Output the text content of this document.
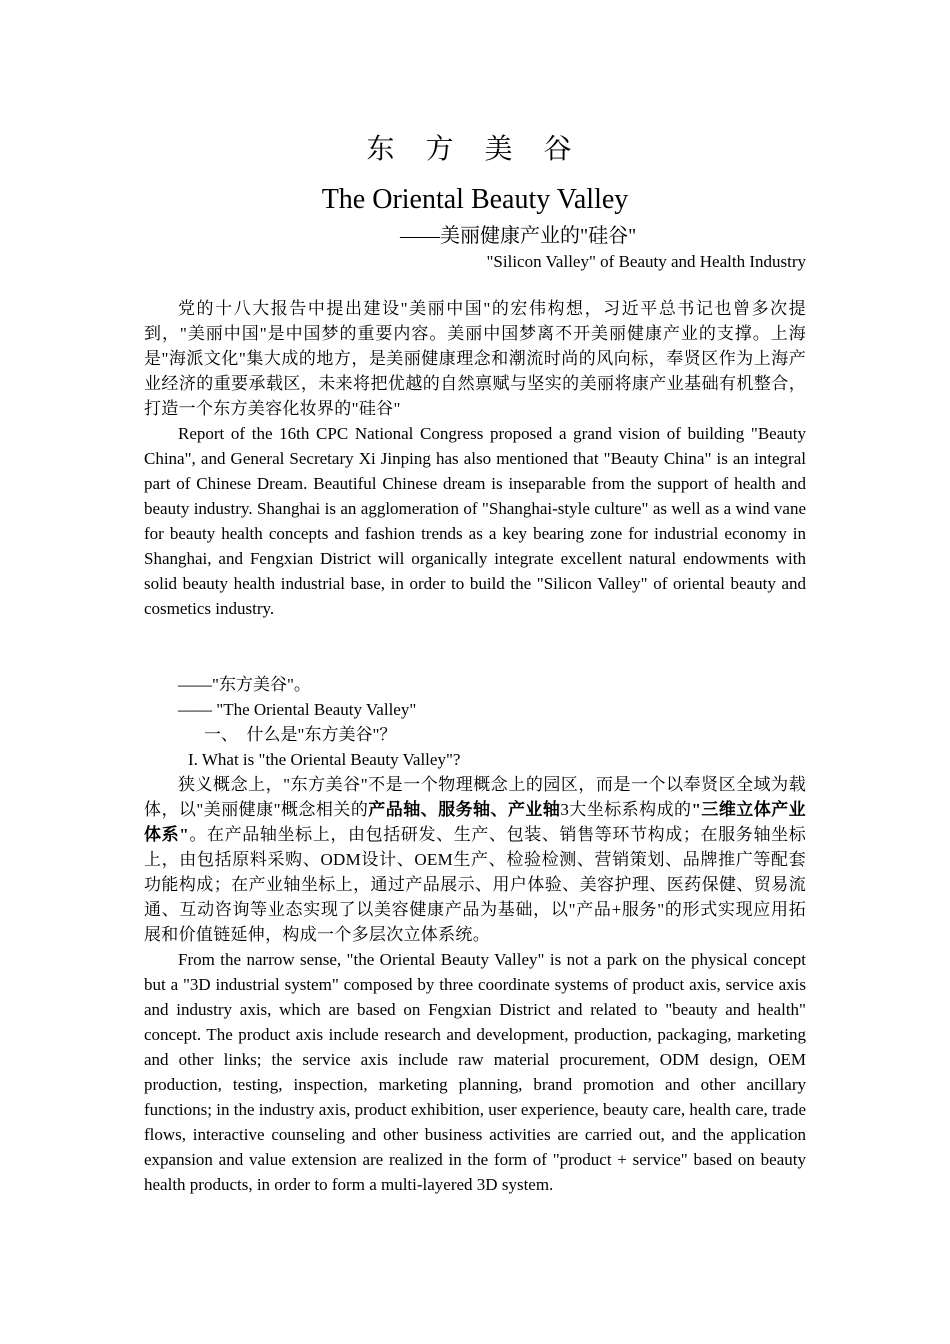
东 方 美 谷
The Oriental Beauty Valley
——美丽健康产业的"硅谷"
"Silicon Valley" of Beauty and Health Industry

党的十八大报告中提出建设"美丽中国"的宏伟构想，习近平总书记也曾多次提到，"美丽中国"是中国梦的重要内容。美丽中国梦离不开美丽健康产业的支撑。上海是"海派文化"集大成的地方，是美丽健康理念和潮流时尚的风向标，奉贤区作为上海产业经济的重要承载区，未来将把优越的自然禀赋与坚实的美丽将康产业基础有机整合，打造一个东方美容化妆界的"硅谷"

Report of the 16th CPC National Congress proposed a grand vision of building "Beauty China", and General Secretary Xi Jinping has also mentioned that "Beauty China" is an integral part of Chinese Dream. Beautiful Chinese dream is inseparable from the support of health and beauty industry. Shanghai is an agglomeration of "Shanghai-style culture" as well as a wind vane for beauty health concepts and fashion trends as a key bearing zone for industrial economy in Shanghai, and Fengxian District will organically integrate excellent natural endowments with solid beauty health industrial base, in order to build the "Silicon Valley" of oriental beauty and cosmetics industry.

——"东方美谷"。
—— "The Oriental Beauty Valley"
一、　什么是"东方美谷"？
I. What is "the Oriental Beauty Valley"?

狭义概念上，"东方美谷"不是一个物理概念上的园区，而是一个以奉贤区全域为载体，以"美丽健康"概念相关的产品轴、服务轴、产业轴3大坐标系构成的"三维立体产业体系"。在产品轴坐标上，由包括研发、生产、包装、销售等环节构成；在服务轴坐标上，由包括原料采购、ODM设计、OEM生产、检验检测、营销策划、品牌推广等配套功能构成；在产业轴坐标上，通过产品展示、用户体验、美容护理、医药保健、贸易流通、互动咨询等业态实现了以美容健康产品为基础，以"产品+服务"的形式实现应用拓展和价值链延伸，构成一个多层次立体系统。

From the narrow sense, "the Oriental Beauty Valley" is not a park on the physical concept but a "3D industrial system" composed by three coordinate systems of product axis, service axis and industry axis, which are based on Fengxian District and related to "beauty and health" concept. The product axis include research and development, production, packaging, marketing and other links; the service axis include raw material procurement, ODM design, OEM production, testing, inspection, marketing planning, brand promotion and other ancillary functions; in the industry axis, product exhibition, user experience, beauty care, health care, trade flows, interactive counseling and other business activities are carried out, and the application expansion and value extension are realized in the form of "product + service" based on beauty health products, in order to form a multi-layered 3D system.
